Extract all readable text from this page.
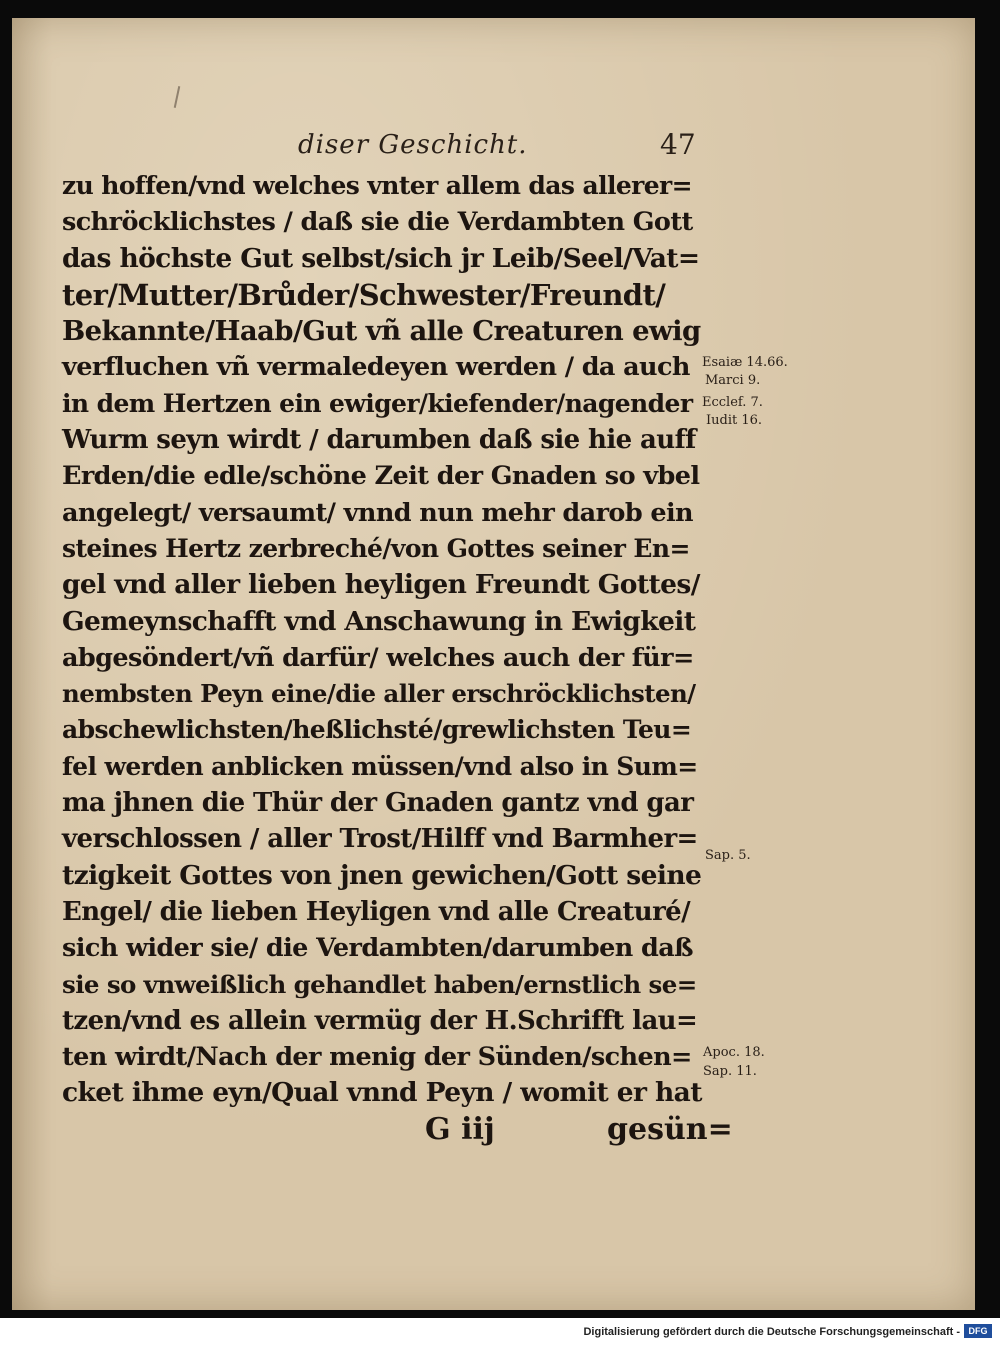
diser Geschicht.	47
zu hoffen/vnd welches vnter allem das allerer=
schröcklichstes / daß sie die Verdambten Gott
das höchste Gut selbst/sich jr Leib/Seel/Vat=
ter/Mutter/Brůder/Schwester/Freundt/
Bekannte/Haab/Gut vñ alle Creaturen ewig
verfluchen vñ vermaledeyen werden / da auch
in dem Hertzen ein ewiger/kiefender/nagender
Wurm seyn wirdt / darumben daß sie hie auff
Erden/die edle/schöne Zeit der Gnaden so vbel
angelegt/ versaumt/ vnnd nun mehr darob ein
steines Hertz zerbreché/von Gottes seiner En=
gel vnd aller lieben heyligen Freundt Gottes/
Gemeynschafft vnd Anschawung in Ewigkeit
abgesöndert/vñ darfür/ welches auch der für=
nembsten Peyn eine/die aller erschröcklichsten/
abschewlichsten/heßlichsté/grewlichsten Teu=
fel werden anblicken müssen/vnd also in Sum=
ma jhnen die Thür der Gnaden gantz vnd gar
verschlossen / aller Trost/Hilff vnd Barmher=
tzigkeit Gottes von jnen gewichen/Gott seine
Engel/ die lieben Heyligen vnd alle Creaturé/
sich wider sie/ die Verdambten/darumben daß
sie so vnweißlich gehandlet haben/ernstlich se=
tzen/vnd es allein vermüg der H.Schrifft lau=
ten wirdt/Nach der menig der Sünden/schen=
cket ihme eyn/Qual vnnd Peyn / womit er hat
Esaiæ 14.66.
Marci 9.
Ecclef. 7.
Iudit 16.
Sap. 5.
Apoc. 18.
Sap. 11.
G iij	gesün=
Digitalisierung gefördert durch die Deutsche Forschungsgemeinschaft - DFG
